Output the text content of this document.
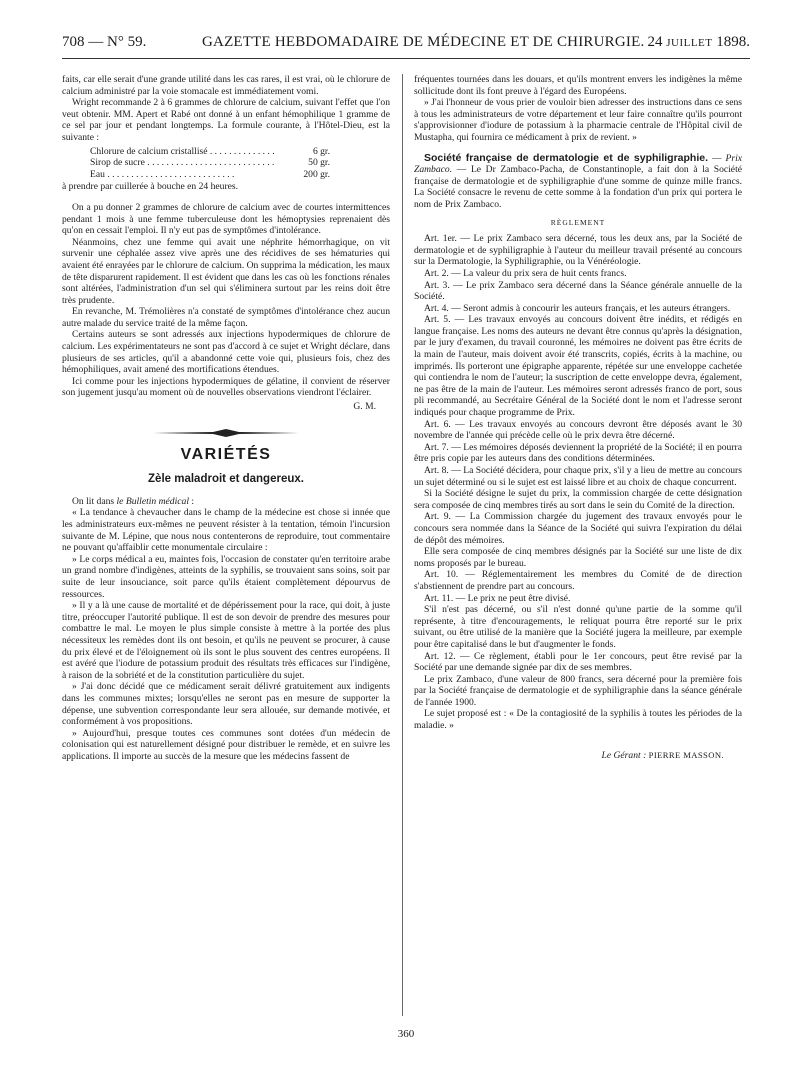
708 — N° 59.	GAZETTE HEBDOMADAIRE DE MÉDECINE ET DE CHIRURGIE. 24 JUILLET 1898.

faits, car elle serait d'une grande utilité dans les cas rares, il est vrai, où le chlorure de calcium administré par la voie stomacale est immédiatement vomi.

Wright recommande 2 à 6 grammes de chlorure de calcium, suivant l'effet que l'on veut obtenir. MM. Apert et Rabé ont donné à un enfant hémophilique 1 gramme de ce sel par jour et pendant longtemps. La formule courante, à l'Hôtel-Dieu, est la suivante :

Chlorure de calcium cristallisé . . .	6 gr.
Sirop de sucre . . .	50 gr.
Eau . . .	200 gr.

à prendre par cuillerée à bouche en 24 heures.

On a pu donner 2 grammes de chlorure de calcium avec de courtes intermittences pendant 1 mois à une femme tuberculeuse dont les hémoptysies reprenaient dès qu'on en cessait l'emploi. Il n'y eut pas de symptômes d'intolérance.

Néanmoins, chez une femme qui avait une néphrite hémorrhagique, on vit survenir une céphalée assez vive après une des récidives de ses hématuries qui avaient été enrayées par le chlorure de calcium. On supprima la médication, les maux de tête disparurent rapidement. Il est évident que dans les cas où les fonctions rénales sont altérées, l'administration d'un sel qui s'éliminera surtout par les reins doit être très prudente.

En revanche, M. Trémolières n'a constaté de symptômes d'intolérance chez aucun autre malade du service traité de la même façon.

Certains auteurs se sont adressés aux injections hypodermiques de chlorure de calcium. Les expérimentateurs ne sont pas d'accord à ce sujet et Wright déclare, dans plusieurs de ses articles, qu'il a abandonné cette voie qui, plusieurs fois, chez des hémophiliques, avait amené des mortifications étendues.

Ici comme pour les injections hypodermiques de gélatine, il convient de réserver son jugement jusqu'au moment où de nouvelles observations viendront l'éclairer.

G. M.
VARIÉTÉS
Zèle maladroit et dangereux.

On lit dans le Bulletin médical :

« La tendance à chevaucher dans le champ de la médecine est chose si innée que les administrateurs eux-mêmes ne peuvent résister à la tentation, témoin l'incursion suivante de M. Lépine, que nous nous contenterons de reproduire, tout commentaire ne pouvant qu'affaiblir cette monumentale circulaire :

» Le corps médical a eu, maintes fois, l'occasion de constater qu'en territoire arabe un grand nombre d'indigènes, atteints de la syphilis, se trouvaient sans soins, soit par suite de leur insouciance, soit parce qu'ils étaient complètement dépourvus de ressources.

» Il y a là une cause de mortalité et de dépérissement pour la race, qui doit, à juste titre, préoccuper l'autorité publique. Il est de son devoir de prendre des mesures pour combattre le mal. Le moyen le plus simple consiste à mettre à la portée des plus nécessiteux les remèdes dont ils ont besoin, et qu'ils ne peuvent se procurer, à cause du prix élevé et de l'éloignement où ils sont le plus souvent des centres européens. Il est avéré que l'iodure de potassium produit des résultats très efficaces sur l'indigène, à raison de la sobriété et de la constitution particulière du sujet.

» J'ai donc décidé que ce médicament serait délivré gratuitement aux indigents dans les communes mixtes; lorsqu'elles ne seront pas en mesure de supporter la dépense, une subvention correspondante leur sera allouée, sur demande motivée, et conformément à vos propositions.

» Aujourd'hui, presque toutes ces communes sont dotées d'un médecin de colonisation qui est naturellement désigné pour distribuer le remède, et en suivre les applications. Il importe au succès de la mesure que les médecins fassent de

fréquentes tournées dans les douars, et qu'ils montrent envers les indigènes la même sollicitude dont ils font preuve à l'égard des Européens.

» J'ai l'honneur de vous prier de vouloir bien adresser des instructions dans ce sens à tous les administrateurs de votre département et leur faire connaître qu'ils pourront s'approvisionner d'iodure de potassium à la pharmacie centrale de l'Hôpital civil de Mustapha, qui fournira ce médicament à prix de revient. »

Société française de dermatologie et de syphiligraphie. — Prix Zambaco. — Le Dr Zambaco-Pacha, de Constantinople, a fait don à la Société française de dermatologie et de syphiligraphie d'une somme de quinze mille francs. La Société consacre le revenu de cette somme à la fondation d'un prix qui portera le nom de Prix Zambaco.

RÈGLEMENT

Art. 1er. — Le prix Zambaco sera décerné, tous les deux ans, par la Société de dermatologie et de syphiligraphie à l'auteur du meilleur travail présenté au concours sur la Dermatologie, la Syphiligraphie, ou la Vénéréologie.

Art. 2. — La valeur du prix sera de huit cents francs.

Art. 3. — Le prix Zambaco sera décerné dans la Séance générale annuelle de la Société.

Art. 4. — Seront admis à concourir les auteurs français, et les auteurs étrangers.

Art. 5. — Les travaux envoyés au concours doivent être inédits, et rédigés en langue française. Les noms des auteurs ne devant être connus qu'après la désignation, par le jury d'examen, du travail couronné, les mémoires ne doivent pas être écrits de la main de l'auteur, mais doivent avoir été transcrits, copiés, écrits à la machine, ou imprimés. Ils porteront une épigraphe apparente, répétée sur une enveloppe cachetée qui contiendra le nom de l'auteur; la suscription de cette enveloppe devra, également, ne pas être de la main de l'auteur. Les mémoires seront adressés franco de port, sous pli recommandé, au Secrétaire Général de la Société dont le nom et l'adresse seront indiqués pour chaque programme de Prix.

Art. 6. — Les travaux envoyés au concours devront être déposés avant le 30 novembre de l'année qui précède celle où le prix devra être décerné.

Art. 7. — Les mémoires déposés deviennent la propriété de la Société; il en pourra être pris copie par les auteurs dans des conditions déterminées.

Art. 8. — La Société décidera, pour chaque prix, s'il y a lieu de mettre au concours un sujet déterminé ou si le sujet est est laissé libre et au choix de chaque concurrent.

Si la Société désigne le sujet du prix, la commission chargée de cette désignation sera composée de cinq membres tirés au sort dans le sein du Comité de la direction.

Art. 9. — La Commission chargée du jugement des travaux envoyés pour le concours sera nommée dans la Séance de la Société qui suivra l'expiration du délai de dépôt des mémoires.

Elle sera composée de cinq membres désignés par la Société sur une liste de dix noms proposés par le bureau.

Art. 10. — Réglementairement les membres du Comité de de direction s'abstiennent de prendre part au concours.

Art. 11. — Le prix ne peut être divisé.

S'il n'est pas décerné, ou s'il n'est donné qu'une partie de la somme qu'il représente, à titre d'encouragements, le reliquat pourra être reporté sur le prix suivant, ou être utilisé de la manière que la Société jugera la meilleure, par exemple pour être capitalisé dans le but d'augmenter le fonds.

Art. 12. — Ce règlement, établi pour le 1er concours, peut être revisé par la Société par une demande signée par dix de ses membres.

Le prix Zambaco, d'une valeur de 800 francs, sera décerné pour la première fois par la Société française de dermatologie et de syphiligraphie dans la séance générale de l'année 1900.

Le sujet proposé est : « De la contagiosité de la syphilis à toutes les périodes de la maladie. »

Le Gérant : PIERRE MASSON.
360
